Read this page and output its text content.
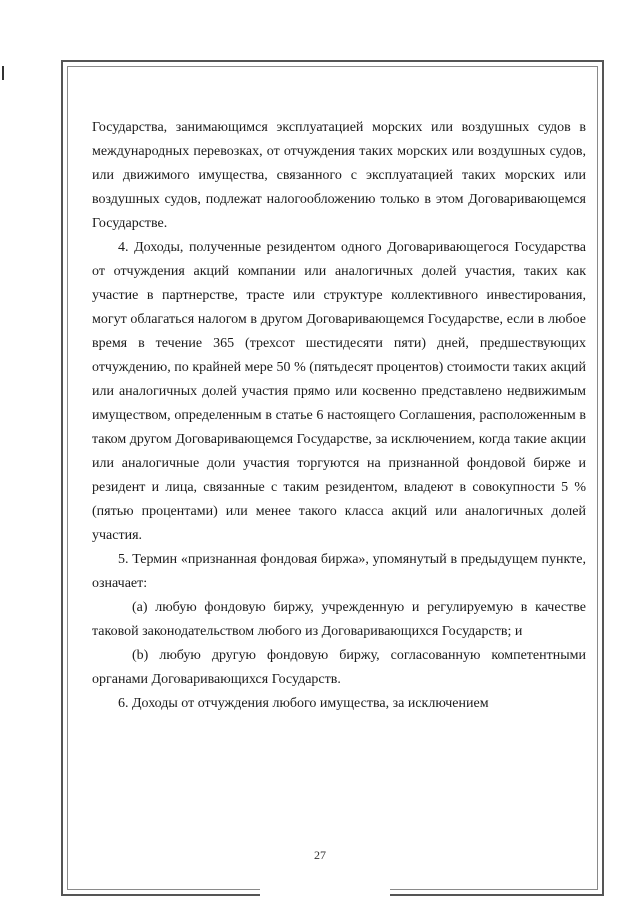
Государства, занимающимся эксплуатацией морских или воздушных судов в международных перевозках, от отчуждения таких морских или воздушных судов, или движимого имущества, связанного с эксплуатацией таких морских или воздушных судов, подлежат налогообложению только в этом Договаривающемся Государстве.

4. Доходы, полученные резидентом одного Договаривающегося Государства от отчуждения акций компании или аналогичных долей участия, таких как участие в партнерстве, трасте или структуре коллективного инвестирования, могут облагаться налогом в другом Договаривающемся Государстве, если в любое время в течение 365 (трехсот шестидесяти пяти) дней, предшествующих отчуждению, по крайней мере 50 % (пятьдесят процентов) стоимости таких акций или аналогичных долей участия прямо или косвенно представлено недвижимым имуществом, определенным в статье 6 настоящего Соглашения, расположенным в таком другом Договаривающемся Государстве, за исключением, когда такие акции или аналогичные доли участия торгуются на признанной фондовой бирже и резидент и лица, связанные с таким резидентом, владеют в совокупности 5 % (пятью процентами) или менее такого класса акций или аналогичных долей участия.

5. Термин «признанная фондовая биржа», упомянутый в предыдущем пункте, означает:

(a) любую фондовую биржу, учрежденную и регулируемую в качестве таковой законодательством любого из Договаривающихся Государств; и

(b) любую другую фондовую биржу, согласованную компетентными органами Договаривающихся Государств.

6. Доходы от отчуждения любого имущества, за исключением

27
